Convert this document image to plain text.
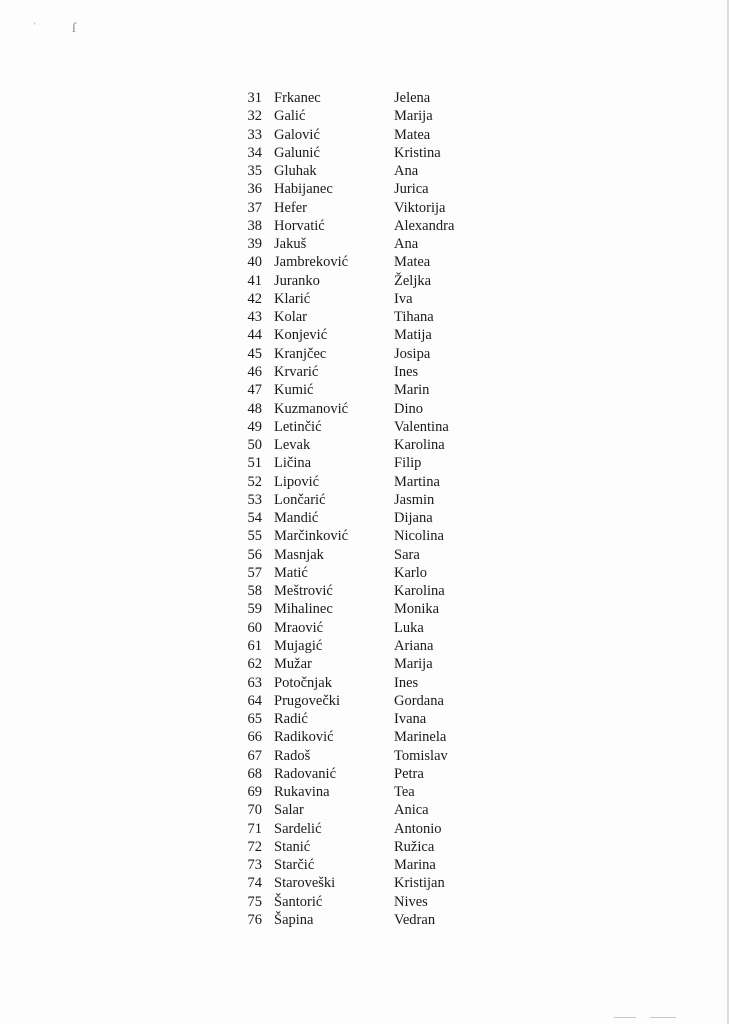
'	ſ
31 Frkanec	Jelena
32 Galić	Marija
33 Galović	Matea
34 Galunić	Kristina
35 Gluhak	Ana
36 Habijanec	Jurica
37 Hefer	Viktorija
38 Horvatić	Alexandra
39 Jakuš	Ana
40 Jambreković	Matea
41 Juranko	Željka
42 Klarić	Iva
43 Kolar	Tihana
44 Konjević	Matija
45 Kranjčec	Josipa
46 Krvarić	Ines
47 Kumić	Marin
48 Kuzmanović	Dino
49 Letinčić	Valentina
50 Levak	Karolina
51 Ličina	Filip
52 Lipović	Martina
53 Lončarić	Jasmin
54 Mandić	Dijana
55 Marčinković	Nicolina
56 Masnjak	Sara
57 Matić	Karlo
58 Meštrović	Karolina
59 Mihalinec	Monika
60 Mraović	Luka
61 Mujagić	Ariana
62 Mužar	Marija
63 Potočnjak	Ines
64 Prugovečki	Gordana
65 Radić	Ivana
66 Radiković	Marinela
67 Radoš	Tomislav
68 Radovanić	Petra
69 Rukavina	Tea
70 Salar	Anica
71 Sardelić	Antonio
72 Stanić	Ružica
73 Starčić	Marina
74 Staroveški	Kristijan
75 Šantorić	Nives
76 Šapina	Vedran
